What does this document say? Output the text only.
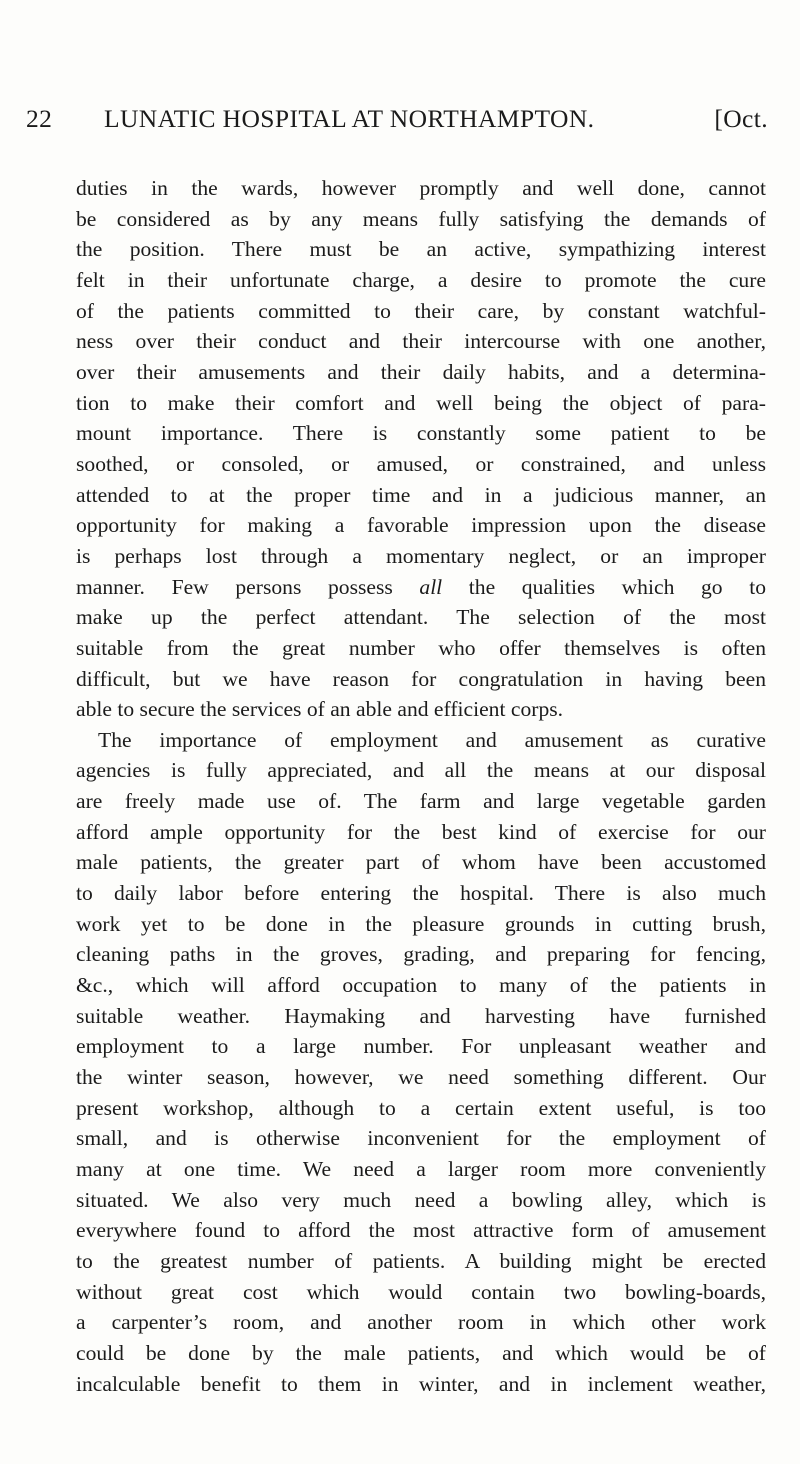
22 LUNATIC HOSPITAL AT NORTHAMPTON.	[Oct.
duties in the wards, however promptly and well done, cannot
be considered as by any means fully satisfying the demands of
the position. There must be an active, sympathizing interest
felt in their unfortunate charge, a desire to promote the cure
of the patients committed to their care, by constant watchful-
ness over their conduct and their intercourse with one another,
over their amusements and their daily habits, and a determina-
tion to make their comfort and well being the object of para-
mount importance. There is constantly some patient to be
soothed, or consoled, or amused, or constrained, and unless
attended to at the proper time and in a judicious manner, an
opportunity for making a favorable impression upon the disease
is perhaps lost through a momentary neglect, or an improper
manner. Few persons possess all the qualities which go to
make up the perfect attendant. The selection of the most
suitable from the great number who offer themselves is often
difficult, but we have reason for congratulation in having been
able to secure the services of an able and efficient corps.
The importance of employment and amusement as curative
agencies is fully appreciated, and all the means at our disposal
are freely made use of. The farm and large vegetable garden
afford ample opportunity for the best kind of exercise for our
male patients, the greater part of whom have been accustomed
to daily labor before entering the hospital. There is also much
work yet to be done in the pleasure grounds in cutting brush,
cleaning paths in the groves, grading, and preparing for fencing,
&c., which will afford occupation to many of the patients in
suitable weather. Haymaking and harvesting have furnished
employment to a large number. For unpleasant weather and
the winter season, however, we need something different. Our
present workshop, although to a certain extent useful, is too
small, and is otherwise inconvenient for the employment of
many at one time. We need a larger room more conveniently
situated. We also very much need a bowling alley, which is
everywhere found to afford the most attractive form of amusement
to the greatest number of patients. A building might be erected
without great cost which would contain two bowling-boards,
a carpenter’s room, and another room in which other work
could be done by the male patients, and which would be of
incalculable benefit to them in winter, and in inclement weather,
